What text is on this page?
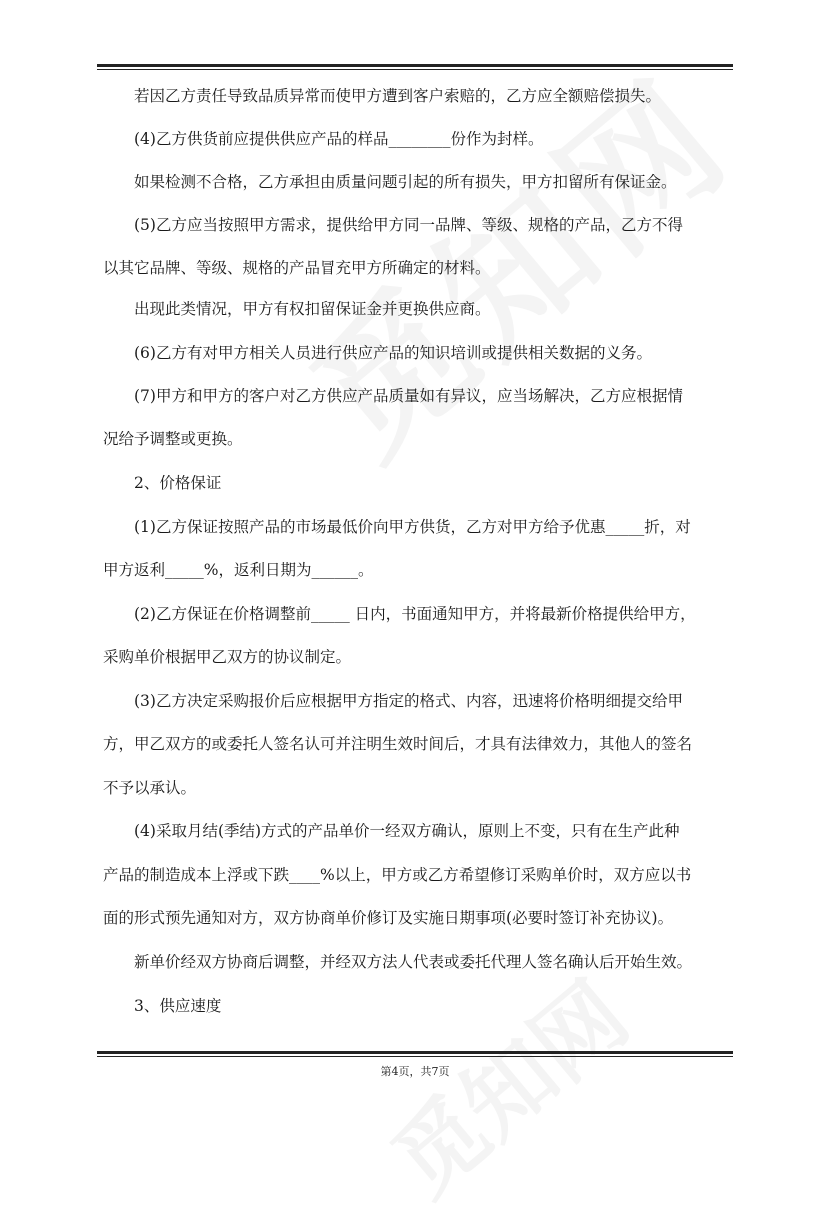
若因乙方责任导致品质异常而使甲方遭到客户索赔的，乙方应全额赔偿损失。
(4)乙方供货前应提供供应产品的样品________份作为封样。
如果检测不合格，乙方承担由质量问题引起的所有损失，甲方扣留所有保证金。
(5)乙方应当按照甲方需求，提供给甲方同一品牌、等级、规格的产品，乙方不得
以其它品牌、等级、规格的产品冒充甲方所确定的材料。
出现此类情况，甲方有权扣留保证金并更换供应商。
(6)乙方有对甲方相关人员进行供应产品的知识培训或提供相关数据的义务。
(7)甲方和甲方的客户对乙方供应产品质量如有异议，应当场解决，乙方应根据情
况给予调整或更换。
2、价格保证
(1)乙方保证按照产品的市场最低价向甲方供货，乙方对甲方给予优惠_____折，对
甲方返利_____%，返利日期为______。
(2)乙方保证在价格调整前_____ 日内，书面通知甲方，并将最新价格提供给甲方，
采购单价根据甲乙双方的协议制定。
(3)乙方决定采购报价后应根据甲方指定的格式、内容，迅速将价格明细提交给甲
方，甲乙双方的或委托人签名认可并注明生效时间后，才具有法律效力，其他人的签名
不予以承认。
(4)采取月结(季结)方式的产品单价一经双方确认，原则上不变，只有在生产此种
产品的制造成本上浮或下跌____%以上，甲方或乙方希望修订采购单价时，双方应以书
面的形式预先通知对方，双方协商单价修订及实施日期事项(必要时签订补充协议)。
新单价经双方协商后调整，并经双方法人代表或委托代理人签名确认后开始生效。
3、供应速度
第4页，共7页
